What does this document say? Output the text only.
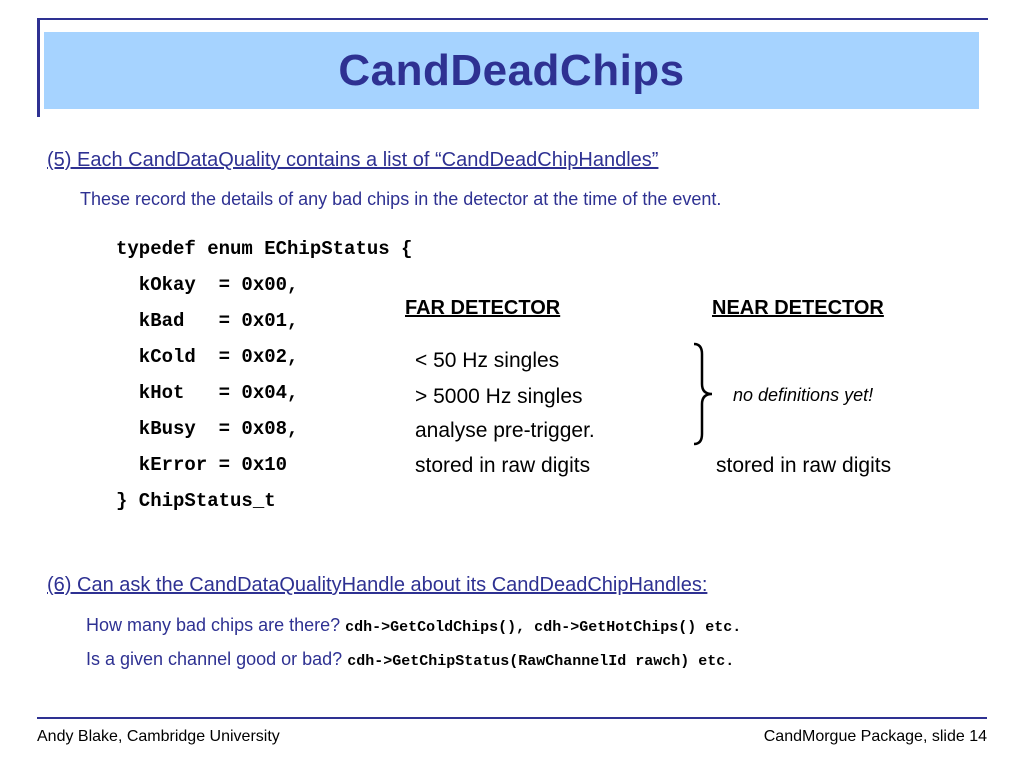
CandDeadChips
(5) Each CandDataQuality contains a list of “CandDeadChipHandles”
These record the details of any bad chips in the detector at the time of the event.
typedef enum EChipStatus {
kOkay  = 0x00,
kBad   = 0x01,
kCold  = 0x02,
kHot   = 0x04,
kBusy  = 0x08,
kError = 0x10
} ChipStatus_t
FAR DETECTOR	NEAR DETECTOR
< 50 Hz singles
> 5000 Hz singles
analyse pre-trigger.
stored in raw digits
no definitions yet!
stored in raw digits
(6) Can ask the CandDataQualityHandle about its CandDeadChipHandles:
How many bad chips are there? cdh->GetColdChips(), cdh->GetHotChips() etc.
Is a given channel good or bad? cdh->GetChipStatus(RawChannelId rawch) etc.
Andy Blake, Cambridge University	CandMorgue Package, slide 14
